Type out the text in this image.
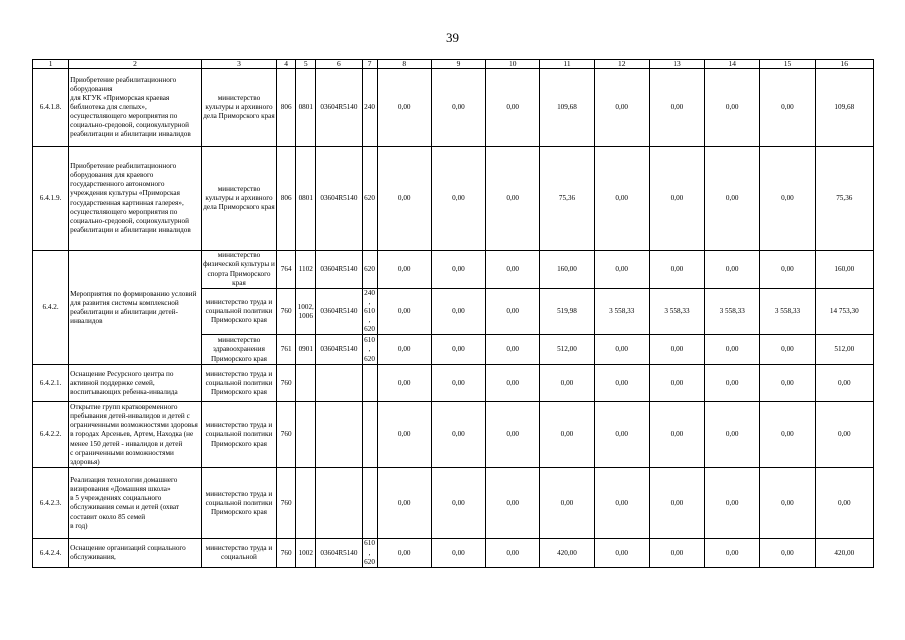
39
1	2	3	4	5	6	7	8	9	10	11	12	13	14	15	16
6.4.1.8.	Приобретение реабилитационного оборудования
для КГУК «Приморская краевая библиотека для слепых», осуществляющего мероприятия по социально-средовой, социокультурной реабилитации и абилитации инвалидов	министерство культуры и архивного дела Приморского края	806	0801	03604R5140	240	0,00	0,00	0,00	109,68	0,00	0,00	0,00	0,00	109,68
6.4.1.9.	Приобретение реабилитационного оборудования для краевого государственного автономного учреждения культуры «Приморская государственная картинная галерея», осуществляющего мероприятия по социально-средовой, социокультурной реабилитации и абилитации инвалидов	министерство культуры и архивного дела Приморского края	806	0801	03604R5140	620	0,00	0,00	0,00	75,36	0,00	0,00	0,00	0,00	75,36
6.4.2.	Мероприятия по формированию условий для развития системы комплексной реабилитации и абилитации детей-инвалидов	министерство физической культуры и спорта Приморского края	764	1102	03604R5140	620	0,00	0,00	0,00	160,00	0,00	0,00	0,00	0,00	160,00
		министерство труда и социальной политики Приморского края	760	1002,
1006	03604R5140	240,
610,
620	0,00	0,00	0,00	519,98	3 558,33	3 558,33	3 558,33	3 558,33	14 753,30
		министерство здравоохранения Приморского края	761	0901	03604R5140	610,
620	0,00	0,00	0,00	512,00	0,00	0,00	0,00	0,00	512,00
6.4.2.1.	Оснащение Ресурсного центра по активной поддержке семей, воспитывающих ребенка-инвалида	министерство труда и социальной политики Приморского края	760				0,00	0,00	0,00	0,00	0,00	0,00	0,00	0,00	0,00
6.4.2.2.	Открытие групп кратковременного пребывания детей-инвалидов и детей с ограниченными возможностями здоровья
в городах Арсеньев, Артем, Находка (не менее 150 детей - инвалидов и детей
с ограниченными возможностями здоровья)	министерство труда и социальной политики Приморского края	760				0,00	0,00	0,00	0,00	0,00	0,00	0,00	0,00	0,00
6.4.2.3.	Реализация технологии домашнего визирования «Домашняя школа»
в 5 учреждениях социального обслуживания семьи и детей (охват составит около 85 семей
в год)	министерство труда и социальной политики Приморского края	760				0,00	0,00	0,00	0,00	0,00	0,00	0,00	0,00	0,00
6.4.2.4.	Оснащение организаций социального обслуживания,	министерство труда и социальной	760	1002	03604R5140	610,
620	0,00	0,00	0,00	420,00	0,00	0,00	0,00	0,00	420,00
